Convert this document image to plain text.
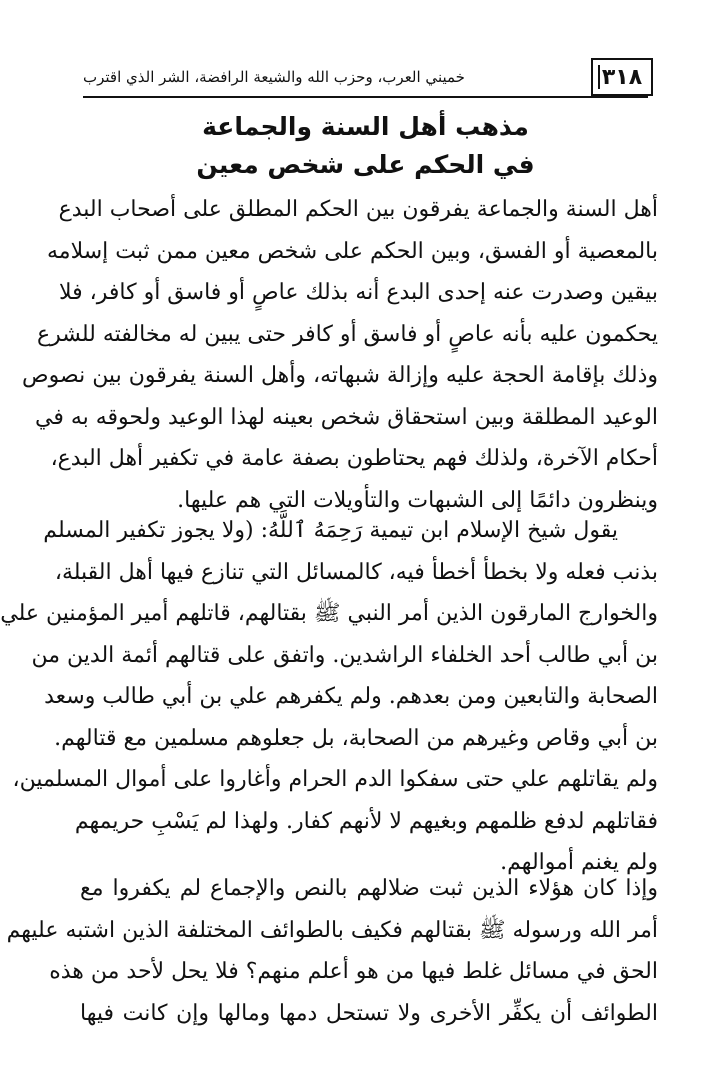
٣١٨
خميني العرب، وحزب الله والشيعة الرافضة، الشر الذي اقترب
مذهب أهل السنة والجماعة
في الحكم على شخص معين
أهل السنة والجماعة يفرقون بين الحكم المطلق على أصحاب البدع
بالمعصية أو الفسق، وبين الحكم على شخص معين ممن ثبت إسلامه
بيقين وصدرت عنه إحدى البدع أنه بذلك عاصٍ أو فاسق أو كافر، فلا
يحكمون عليه بأنه عاصٍ أو فاسق أو كافر حتى يبين له مخالفته للشرع
وذلك بإقامة الحجة عليه وإزالة شبهاته، وأهل السنة يفرقون بين نصوص
الوعيد المطلقة وبين استحقاق شخص بعينه لهذا الوعيد ولحوقه به في
أحكام الآخرة، ولذلك فهم يحتاطون بصفة عامة في تكفير أهل البدع،
وينظرون دائمًا إلى الشبهات والتأويلات التي هم عليها.
يقول شيخ الإسلام ابن تيمية رَحِمَهُ ٱللَّهُ: (ولا يجوز تكفير المسلم
بذنب فعله ولا بخطأ أخطأ فيه، كالمسائل التي تنازع فيها أهل القبلة،
والخوارج المارقون الذين أمر النبي ﷺ بقتالهم، قاتلهم أمير المؤمنين علي
بن أبي طالب أحد الخلفاء الراشدين. واتفق على قتالهم أئمة الدين من
الصحابة والتابعين ومن بعدهم. ولم يكفرهم علي بن أبي طالب وسعد
بن أبي وقاص وغيرهم من الصحابة، بل جعلوهم مسلمين مع قتالهم.
ولم يقاتلهم علي حتى سفكوا الدم الحرام وأغاروا على أموال المسلمين،
فقاتلهم لدفع ظلمهم وبغيهم لا لأنهم كفار. ولهذا لم يَسْبِ حريمهم
ولم يغنم أموالهم.
وإذا كان هؤلاء الذين ثبت ضلالهم بالنص والإجماع لم يكفروا مع
أمر الله ورسوله ﷺ بقتالهم فكيف بالطوائف المختلفة الذين اشتبه عليهم
الحق في مسائل غلط فيها من هو أعلم منهم؟ فلا يحل لأحد من هذه
الطوائف أن يكفِّر الأخرى ولا تستحل دمها ومالها وإن كانت فيها
